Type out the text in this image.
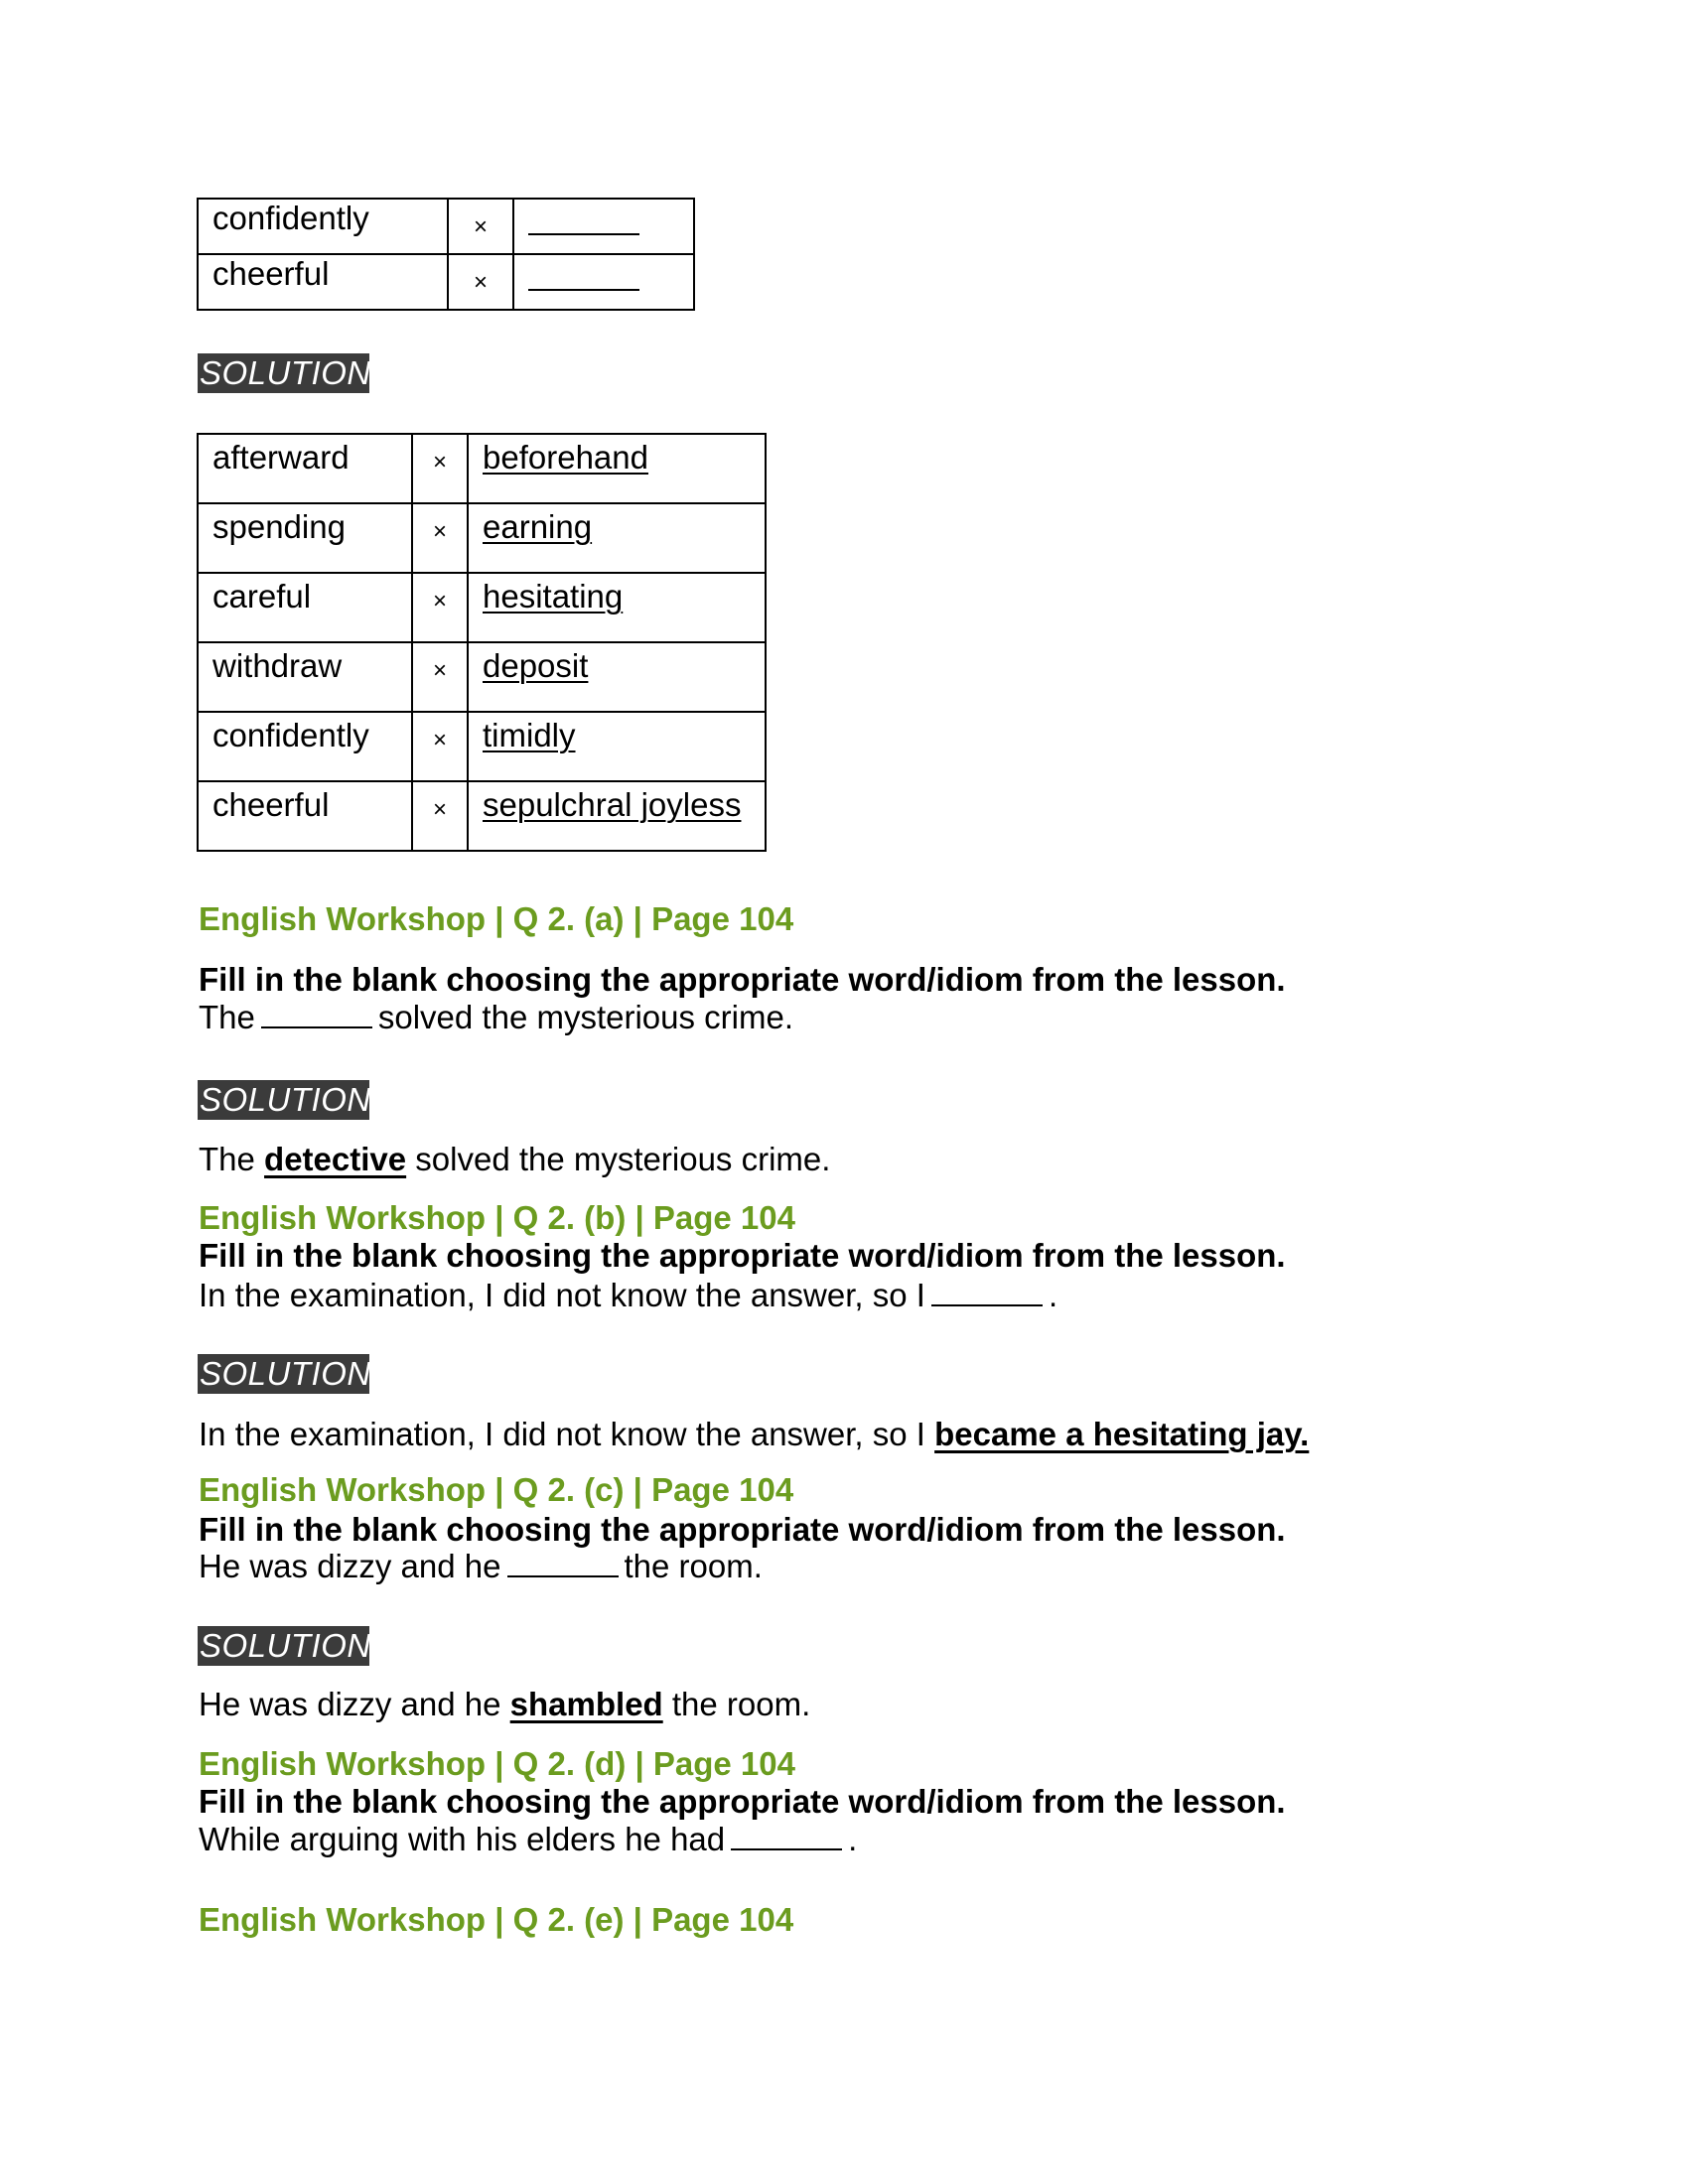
confidently	×	
cheerful	×	
SOLUTION
afterward	×	beforehand
spending	×	earning
careful	×	hesitating
withdraw	×	deposit
confidently	×	timidly
cheerful	×	sepulchral joyless
English Workshop | Q 2. (a) | Page 104
Fill in the blank choosing the appropriate word/idiom from the lesson.
The	solved the mysterious crime.
SOLUTION
The detective solved the mysterious crime.
English Workshop | Q 2. (b) | Page 104
Fill in the blank choosing the appropriate word/idiom from the lesson.
In the examination, I did not know the answer, so I	.
SOLUTION
In the examination, I did not know the answer, so I became a hesitating jay.
English Workshop | Q 2. (c) | Page 104
Fill in the blank choosing the appropriate word/idiom from the lesson.
He was dizzy and he	the room.
SOLUTION
He was dizzy and he shambled the room.
English Workshop | Q 2. (d) | Page 104
Fill in the blank choosing the appropriate word/idiom from the lesson.
While arguing with his elders he had	.
English Workshop | Q 2. (e) | Page 104
